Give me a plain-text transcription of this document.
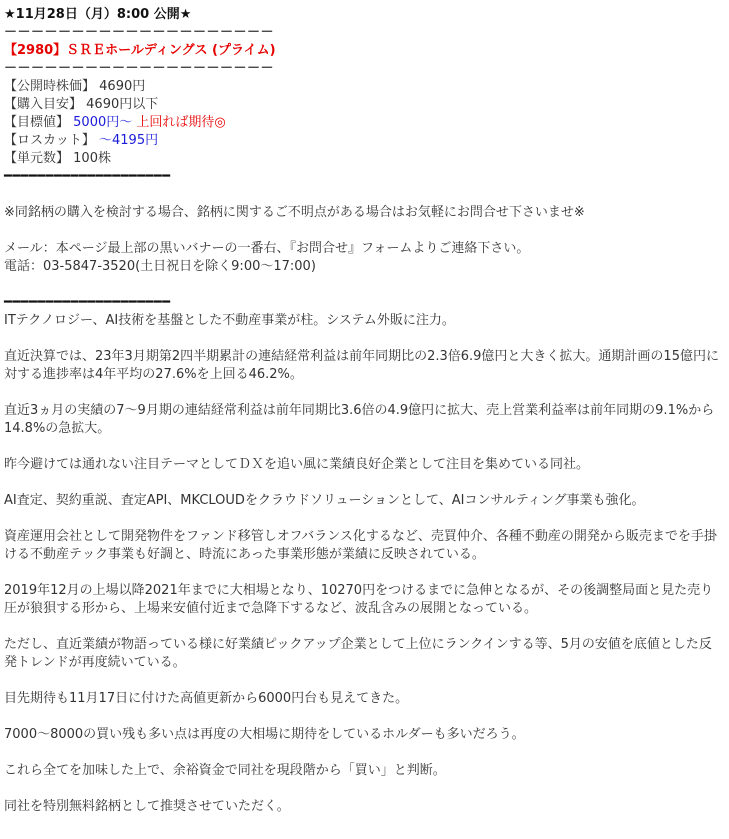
★11月28日（月）8:00 公開★
－－－－－－－－－－－－－－－－－－－－
【2980】ＳＲＥホールディングス (プライム)
－－－－－－－－－－－－－－－－－－－－
【公開時株価】 4690円
【購入目安】 4690円以下
【目標値】 5000円〜 上回れば期待◎
【ロスカット】 〜4195円
【単元数】 100株
━━━━━━━━━━━━━━━━━━━━
※同銘柄の購入を検討する場合、銘柄に関するご不明点がある場合はお気軽にお問合せ下さいませ※
メール：本ページ最上部の黒いバナーの一番右、『お問合せ』フォームよりご連絡下さい。
電話：03-5847-3520(土日祝日を除く9:00〜17:00)
━━━━━━━━━━━━━━━━━━━━

ITテクノロジー、AI技術を基盤とした不動産事業が柱。システム外販に注力。

直近決算では、23年3月期第2四半期累計の連結経常利益は前年同期比の2.3倍6.9億円と大きく拡大。通期計画の15億円に対する進捗率は4年平均の27.6%を上回る46.2%。

直近3ヵ月の実績の7〜9月期の連結経常利益は前年同期比3.6倍の4.9億円に拡大、売上営業利益率は前年同期の9.1%から14.8%の急拡大。

昨今避けては通れない注目テーマとしてＤＸを追い風に業績良好企業として注目を集めている同社。

AI査定、契約重説、査定API、MKCLOUDをクラウドソリューションとして、AIコンサルティング事業も強化。

資産運用会社として開発物件をファンド移管しオフバランス化するなど、売買仲介、各種不動産の開発から販売までを手掛ける不動産テック事業も好調と、時流にあった事業形態が業績に反映されている。

2019年12月の上場以降2021年までに大相場となり、10270円をつけるまでに急伸となるが、その後調整局面と見た売り圧が狼狽する形から、上場来安値付近まで急降下するなど、波乱含みの展開となっている。

ただし、直近業績が物語っている様に好業績ピックアップ企業として上位にランクインする等、5月の安値を底値とした反発トレンドが再度続いている。

目先期待も11月17日に付けた高値更新から6000円台も見えてきた。

7000〜8000の買い残も多い点は再度の大相場に期待をしているホルダーも多いだろう。

これら全てを加味した上で、余裕資金で同社を現段階から「買い」と判断。

同社を特別無料銘柄として推奨させていただく。
